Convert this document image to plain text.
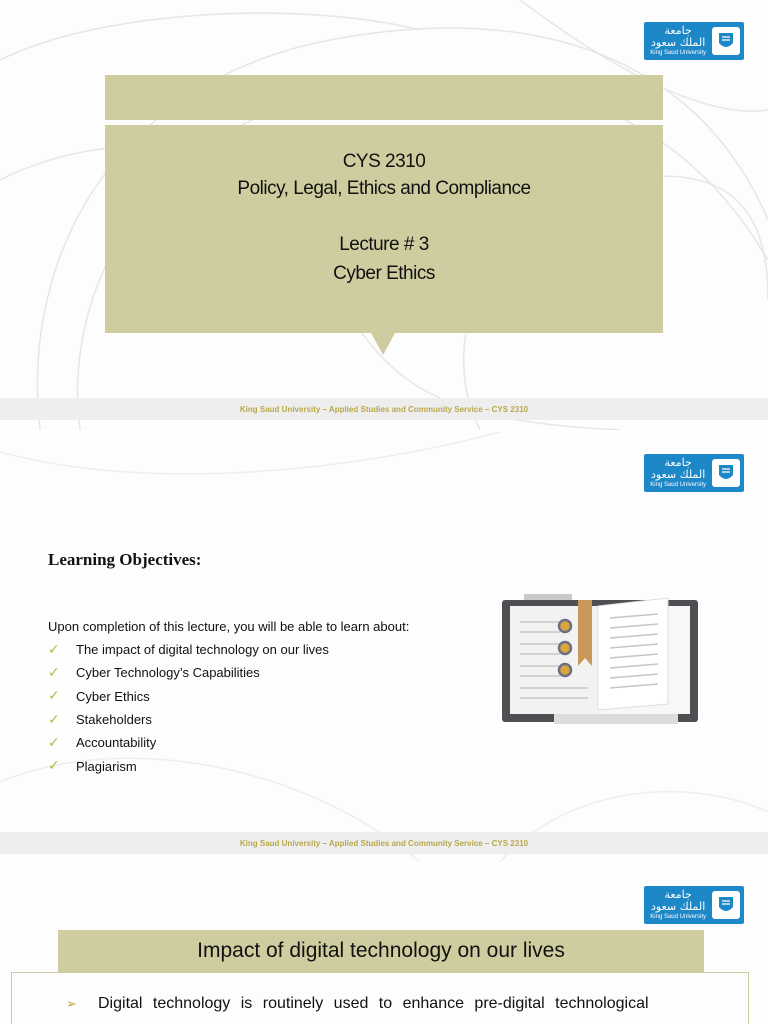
جامعة
الملك سعود
King Saud University
CYS 2310
Policy, Legal, Ethics and Compliance
Lecture # 3
Cyber Ethics
King Saud University – Applied Studies and Community Service – CYS 2310
جامعة
الملك سعود
King Saud University
Learning Objectives:
Upon completion of this lecture, you will be able to learn about:
✓	The impact of digital technology on our lives
✓	Cyber Technology’s Capabilities
✓	Cyber Ethics
✓	Stakeholders
✓	Accountability
✓	Plagiarism
King Saud University – Applied Studies and Community Service – CYS 2310
جامعة
الملك سعود
King Saud University
Impact of digital technology on our lives
➢	Digital technology is routinely used to enhance pre-digital technological
